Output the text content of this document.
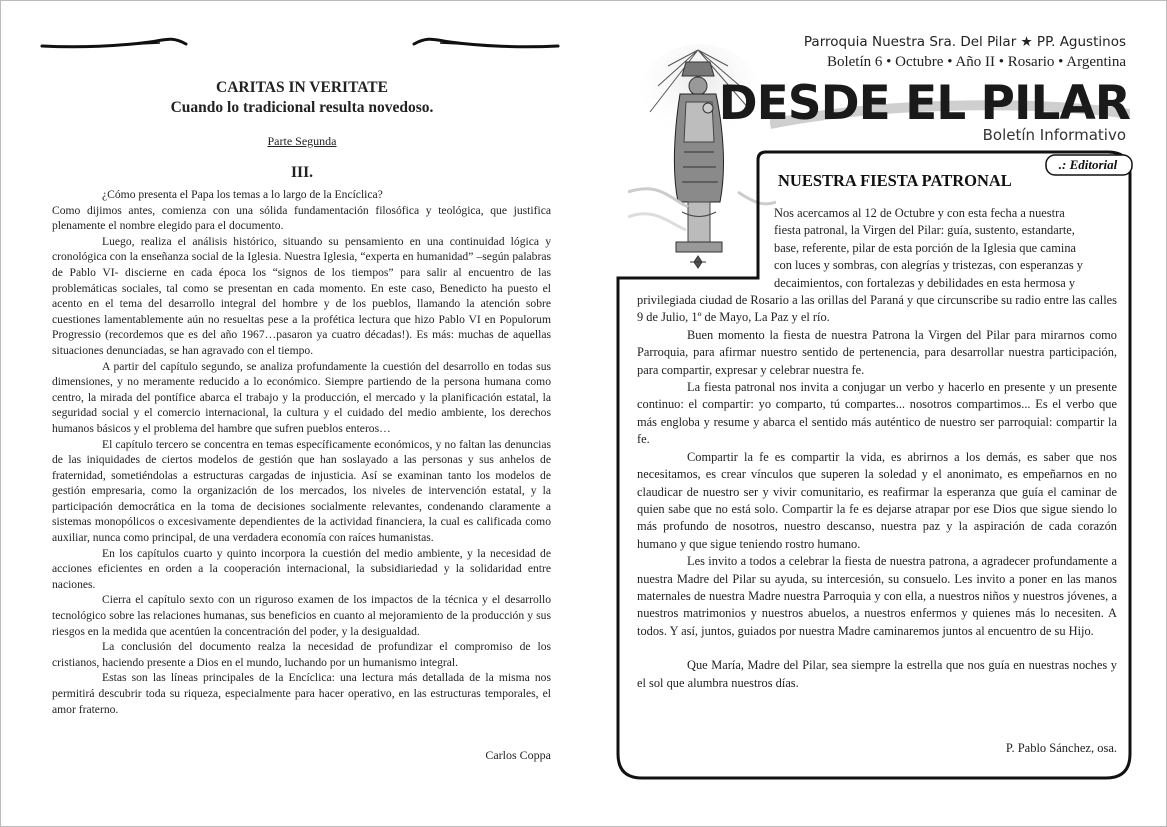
CARITAS IN VERITATE
Cuando lo tradicional resulta novedoso.
Parte Segunda
III.

¿Cómo presenta el Papa los temas a lo largo de la Encíclica?

Como dijimos antes, comienza con una sólida fundamentación filosófica y teológica, que justifica plenamente el nombre elegido para el documento.

Luego, realiza el análisis histórico, situando su pensamiento en una continuidad lógica y cronológica con la enseñanza social de la Iglesia. Nuestra Iglesia, “experta en humanidad” –según palabras de Pablo VI- discierne en cada época los “signos de los tiempos” para salir al encuentro de las problemáticas sociales, tal como se presentan en cada momento. En este caso, Benedicto ha puesto el acento en el tema del desarrollo integral del hombre y de los pueblos, llamando la atención sobre cuestiones lamentablemente aún no resueltas pese a la profética lectura que hizo Pablo VI en Populorum Progressio (recordemos que es del año 1967…pasaron ya cuatro décadas!). Es más: muchas de aquellas situaciones denunciadas, se han agravado con el tiempo.

A partir del capítulo segundo, se analiza profundamente la cuestión del desarrollo en todas sus dimensiones, y no meramente reducido a lo económico. Siempre partiendo de la persona humana como centro, la mirada del pontífice abarca el trabajo y la producción, el mercado y la planificación estatal, la seguridad social y el comercio internacional, la cultura y el cuidado del medio ambiente, los derechos humanos básicos y el problema del hambre que sufren pueblos enteros…

El capítulo tercero se concentra en temas específicamente económicos, y no faltan las denuncias de las iniquidades de ciertos modelos de gestión que han soslayado a las personas y sus anhelos de fraternidad, sometiéndolas a estructuras cargadas de injusticia. Así se examinan tanto los modelos de gestión empresaria, como la organización de los mercados, los niveles de intervención estatal, y la participación democrática en la toma de decisiones socialmente relevantes, condenando claramente a sistemas monopólicos o excesivamente dependientes de la actividad financiera, la cual es calificada como auxiliar, nunca como principal, de una verdadera economía con raíces humanistas.

En los capítulos cuarto y quinto incorpora la cuestión del medio ambiente, y la necesidad de acciones eficientes en orden a la cooperación internacional, la subsidiariedad y la solidaridad entre naciones.

Cierra el capítulo sexto con un riguroso examen de los impactos de la técnica y el desarrollo tecnológico sobre las relaciones humanas, sus beneficios en cuanto al mejoramiento de la producción y sus riesgos en la medida que acentúen la concentración del poder, y la desigualdad.

La conclusión del documento realza la necesidad de profundizar el compromiso de los cristianos, haciendo presente a Dios en el mundo, luchando por un humanismo integral.

Estas son las líneas principales de la Encíclica: una lectura más detallada de la misma nos permitirá descubrir toda su riqueza, especialmente para hacer operativo, en las estructuras temporales, el amor fraterno.

Carlos Coppa
Parroquia Nuestra Sra. Del Pilar ★ PP. Agustinos
Boletín 6 • Octubre • Año II • Rosario • Argentina
DESDE EL PILAR
Boletín Informativo
.: Editorial
NUESTRA FIESTA PATRONAL

Nos acercamos al 12 de Octubre y con esta fecha a nuestra

fiesta patronal, la Virgen del Pilar: guía, sustento, estandarte,

base, referente, pilar de esta porción de la Iglesia que camina

con luces y sombras, con alegrías y tristezas, con esperanzas y

decaimientos, con fortalezas y debilidades en esta hermosa y

privilegiada ciudad de Rosario a las orillas del Paraná y que circunscribe su radio entre las calles 9 de Julio, 1º de Mayo, La Paz y el río.

Buen momento la fiesta de nuestra Patrona la Virgen del Pilar para mirarnos como Parroquia, para afirmar nuestro sentido de pertenencia, para desarrollar nuestra participación, para compartir, expresar y celebrar nuestra fe.

La fiesta patronal nos invita a conjugar un verbo y hacerlo en presente y un presente continuo: el compartir: yo comparto, tú compartes... nosotros compartimos... Es el verbo que más engloba y resume y abarca el sentido más auténtico de nuestro ser parroquial: compartir la fe.

Compartir la fe es compartir la vida, es abrirnos a los demás, es saber que nos necesitamos, es crear vínculos que superen la soledad y el anonimato, es empeñarnos en no claudicar de nuestro ser y vivir comunitario, es reafirmar la esperanza que guía el caminar de quien sabe que no está solo. Compartir la fe es dejarse atrapar por ese Dios que sigue siendo lo más profundo de nosotros, nuestro descanso, nuestra paz y la aspiración de cada corazón humano y que sigue teniendo rostro humano.

Les invito a todos a celebrar la fiesta de nuestra patrona, a agradecer profundamente a nuestra Madre del Pilar su ayuda, su intercesión, su consuelo. Les invito a poner en las manos maternales de nuestra Madre nuestra Parroquia y con ella, a nuestros niños y nuestros jóvenes, a nuestros matrimonios y nuestros abuelos, a nuestros enfermos y quienes más lo necesiten. A todos. Y así, juntos, guiados por nuestra Madre caminaremos juntos al encuentro de su Hijo.

Que María, Madre del Pilar, sea siempre la estrella que nos guía en nuestras noches y el sol que alumbra nuestros días.

P. Pablo Sánchez, osa.
